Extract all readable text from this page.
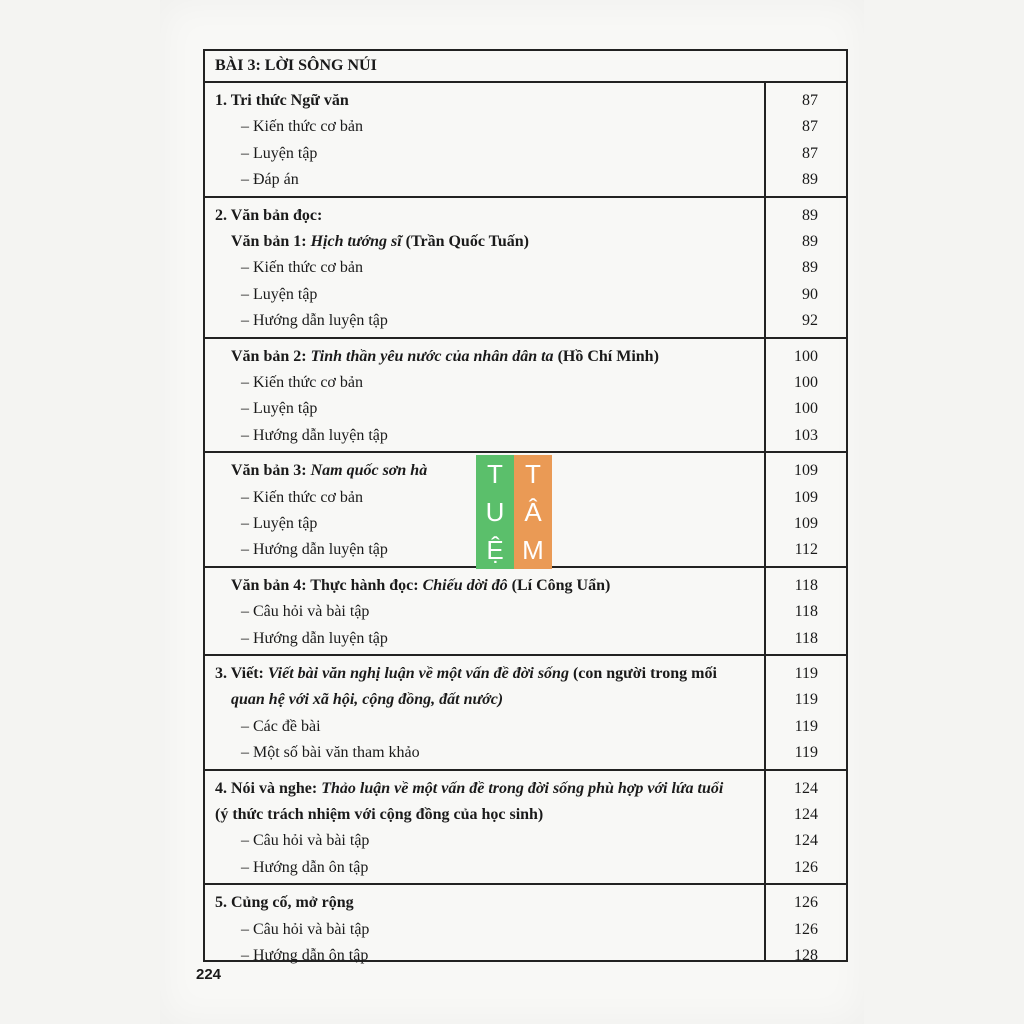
BÀI 3: LỜI SÔNG NÚI
1. Tri thức Ngữ văn	87
– Kiến thức cơ bản	87
– Luyện tập	87
– Đáp án	89
2. Văn bản đọc:	89
Văn bản 1: Hịch tướng sĩ (Trần Quốc Tuấn)	89
– Kiến thức cơ bản	89
– Luyện tập	90
– Hướng dẫn luyện tập	92
Văn bản 2: Tinh thần yêu nước của nhân dân ta (Hồ Chí Minh)	100
– Kiến thức cơ bản	100
– Luyện tập	100
– Hướng dẫn luyện tập	103
Văn bản 3: Nam quốc sơn hà	109
– Kiến thức cơ bản	109
– Luyện tập	109
– Hướng dẫn luyện tập	112
Văn bản 4: Thực hành đọc: Chiếu dời đô (Lí Công Uẩn)	118
– Câu hỏi và bài tập	118
– Hướng dẫn luyện tập	118
3. Viết: Viết bài văn nghị luận về một vấn đề đời sống (con người trong mối	119
quan hệ với xã hội, cộng đồng, đất nước)	119
– Các đề bài	119
– Một số bài văn tham khảo	119
4. Nói và nghe: Thảo luận về một vấn đề trong đời sống phù hợp với lứa tuổi	124
(ý thức trách nhiệm với cộng đồng của học sinh)	124
– Câu hỏi và bài tập	124
– Hướng dẫn ôn tập	126
5. Củng cố, mở rộng	126
– Câu hỏi và bài tập	126
– Hướng dẫn ôn tập	128
T T
U Â
Ệ M
224
